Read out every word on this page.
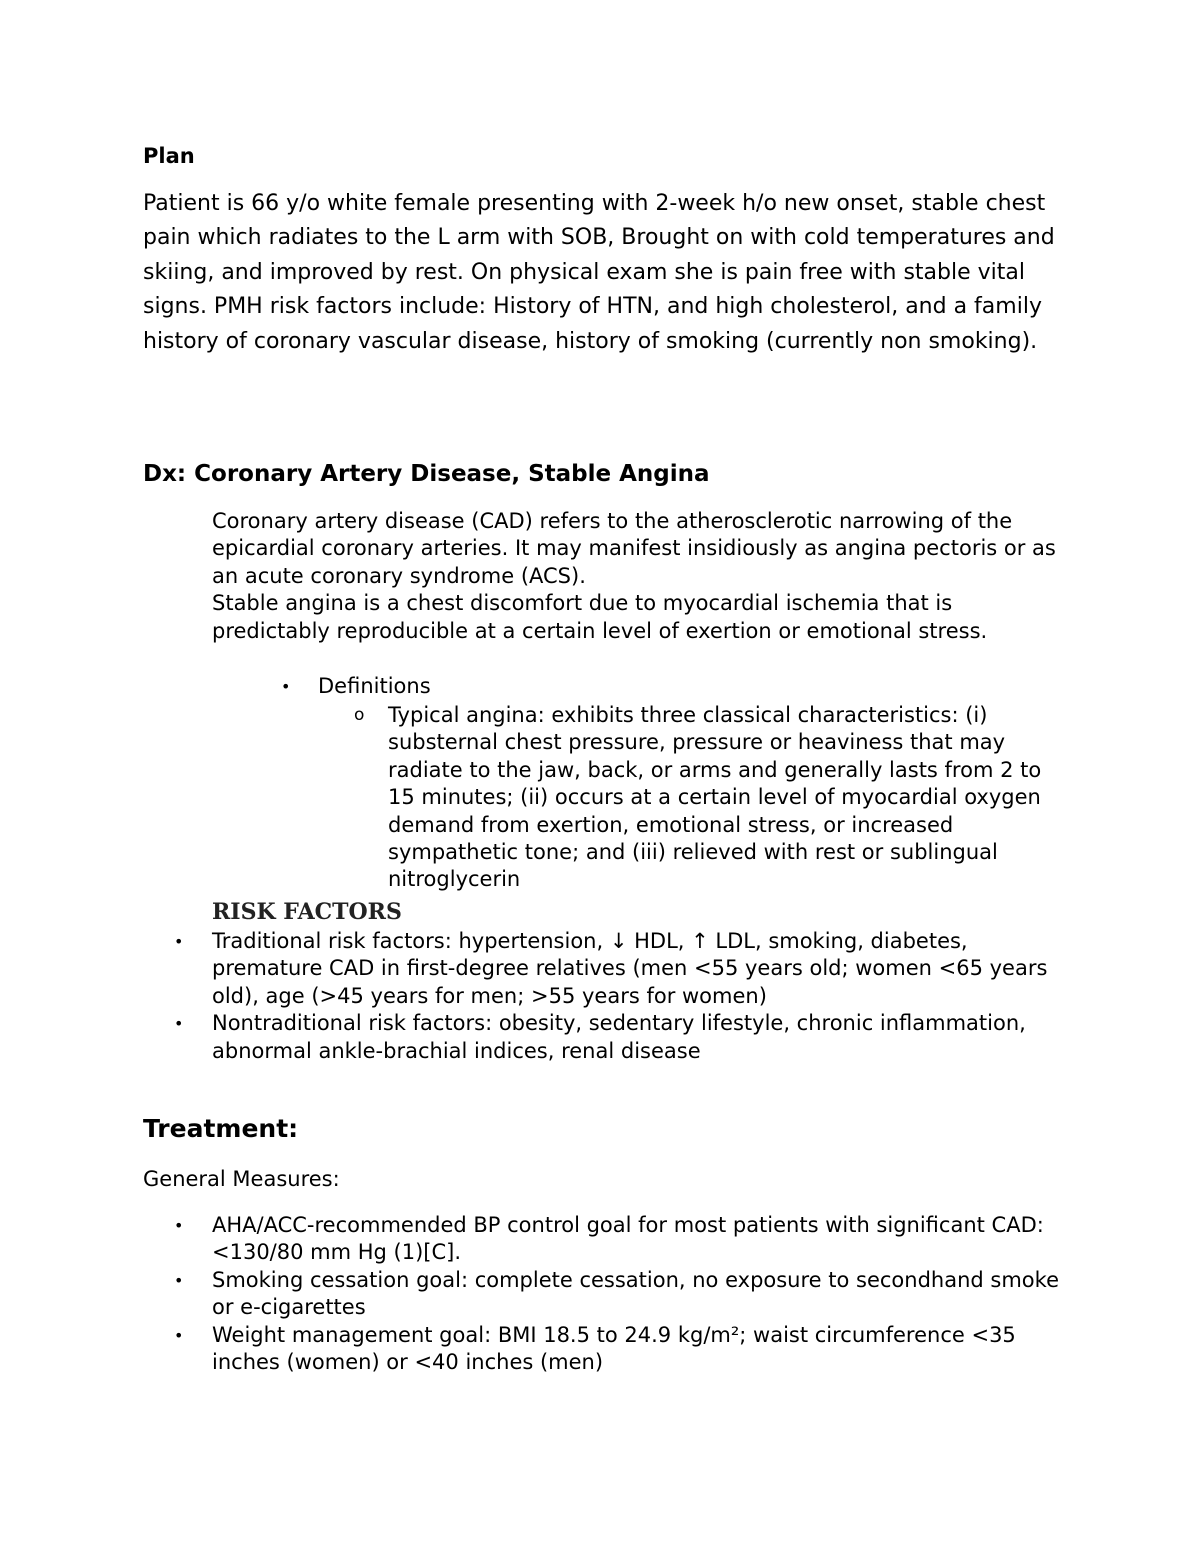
Plan

Patient is 66 y/o white female presenting with 2-week h/o new onset, stable chest pain which radiates to the L arm with SOB, Brought on with cold temperatures and skiing, and improved by rest. On physical exam she is pain free with stable vital signs. PMH risk factors include: History of HTN, and high cholesterol, and a family history of coronary vascular disease, history of smoking (currently non smoking).

Dx: Coronary Artery Disease, Stable Angina
Coronary artery disease (CAD) refers to the atherosclerotic narrowing of the epicardial coronary arteries. It may manifest insidiously as angina pectoris or as an acute coronary syndrome (ACS).
Stable angina is a chest discomfort due to myocardial ischemia that is predictably reproducible at a certain level of exertion or emotional stress.
• Definitions
o Typical angina: exhibits three classical characteristics: (i) substernal chest pressure, pressure or heaviness that may radiate to the jaw, back, or arms and generally lasts from 2 to 15 minutes; (ii) occurs at a certain level of myocardial oxygen demand from exertion, emotional stress, or increased sympathetic tone; and (iii) relieved with rest or sublingual nitroglycerin
RISK FACTORS
• Traditional risk factors: hypertension, ↓ HDL, ↑ LDL, smoking, diabetes, premature CAD in first-degree relatives (men <55 years old; women <65 years old), age (>45 years for men; >55 years for women)
• Nontraditional risk factors: obesity, sedentary lifestyle, chronic inflammation, abnormal ankle-brachial indices, renal disease
Treatment:

General Measures:

• AHA/ACC-recommended BP control goal for most patients with significant CAD: <130/80 mm Hg (1)[C].
• Smoking cessation goal: complete cessation, no exposure to secondhand smoke or e-cigarettes
• Weight management goal: BMI 18.5 to 24.9 kg/m²; waist circumference <35 inches (women) or <40 inches (men)
